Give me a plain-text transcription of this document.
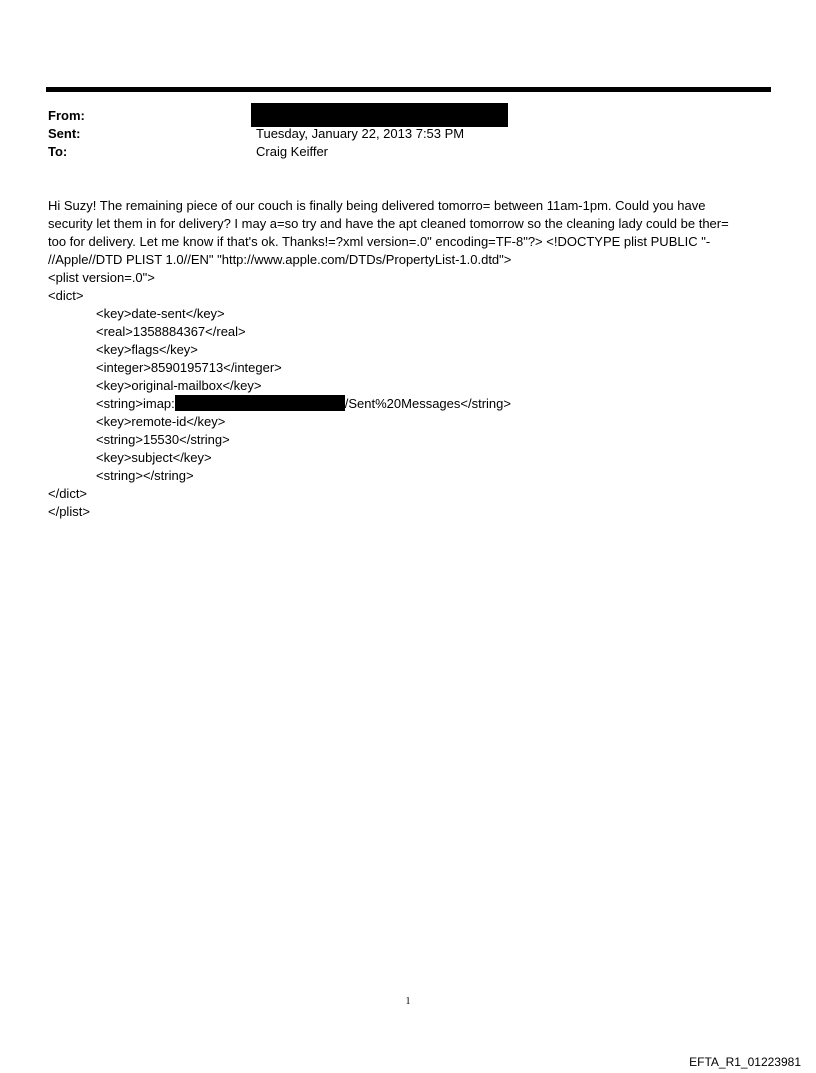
From:
Sent:	Tuesday, January 22, 2013 7:53 PM
To:	Craig Keiffer
Hi Suzy! The remaining piece of our couch is finally being delivered tomorro= between 11am-1pm. Could you have
security let them in for delivery? I may a=so try and have the apt cleaned tomorrow so the cleaning lady could be ther=
too for delivery. Let me know if that's ok. Thanks!=?xml version=.0" encoding=TF-8"?> <!DOCTYPE plist PUBLIC "-
//Apple//DTD PLIST 1.0//EN" "http://www.apple.com/DTDs/PropertyList-1.0.dtd">
<plist version=.0">
<dict>
<key>date-sent</key>
<real>1358884367</real>
<key>flags</key>
<integer>8590195713</integer>
<key>original-mailbox</key>
<string>imap:	/Sent%20Messages</string>
<key>remote-id</key>
<string>15530</string>
<key>subject</key>
<string></string>
</dict>
</plist>
1
EFTA_R1_01223981
